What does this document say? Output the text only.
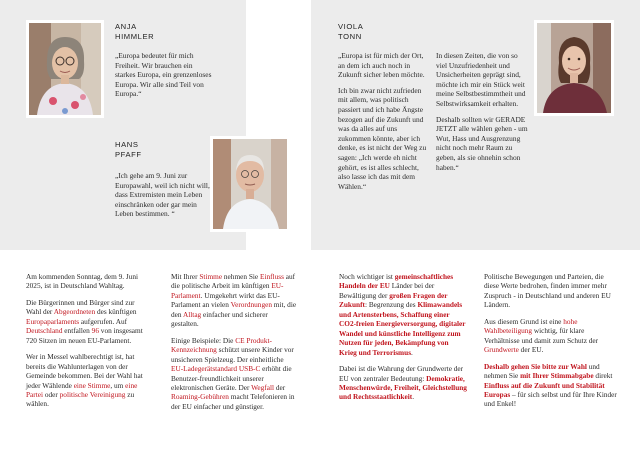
ANJA
HIMMLER
„Europa bedeutet für mich Freiheit. Wir brauchen ein starkes Europa, ein grenzenloses Europa. Wir alle sind Teil von Europa.“
HANS
PFAFF
„Ich gehe am 9. Juni zur Europawahl, weil ich nicht will, dass Extremisten mein Leben einschränken oder gar mein Leben bestimmen. “
VIOLA
TONN

„Europa ist für mich der Ort, an dem ich auch noch in Zukunft sicher leben möchte.

Ich bin zwar nicht zufrieden mit allem, was politisch passiert und ich habe Ängste bezogen auf die Zukunft und was da alles auf uns zukommen könnte, aber ich denke, es ist nicht der Weg zu sagen: „Ich werde eh nicht gehört, es ist alles schlecht, also lasse ich das mit dem Wählen.“

In diesen Zeiten, die von so viel Unzufriedenheit und Unsicherheiten geprägt sind, möchte ich mir ein Stück weit meine Selbstbestimmtheit und Selbstwirksamkeit erhalten.

Deshalb sollten wir GERADE JETZT alle wählen gehen - um Wut, Hass und Ausgrenzung nicht noch mehr Raum zu geben, als sie ohnehin schon haben.“

Am kommenden Sonntag, dem 9. Juni 2025, ist in Deutschland Wahltag.

Die Bürgerinnen und Bürger sind zur Wahl der Abgeordneten des künftigen Europaparlaments aufgerufen. Auf Deutschland entfallen 96 von insgesamt 720 Sitzen im neuen EU-Parlament.

Wer in Messel wahlberechtigt ist, hat bereits die Wahlunterlagen von der Gemeinde bekommen. Bei der Wahl hat jeder Wählende eine Stimme, um eine Partei oder politische Vereinigung zu wählen.

Mit Ihrer Stimme nehmen Sie Einfluss auf die politische Arbeit im künftigen EU-Parlament. Umgekehrt wirkt das EU-Parlament an vielen Verordnungen mit, die den Alltag einfacher und sicherer gestalten.

Einige Beispiele: Die CE Produkt-Kennzeichnung schützt unsere Kinder vor unsicheren Spielzeug. Der einheitliche EU-Ladegerätstandard USB-C erhöht die Benutzer-freundlichkeit unserer elektronischen Geräte. Der Wegfall der Roaming-Gebühren macht Telefonieren in der EU einfacher und günstiger.

Noch wichtiger ist gemeinschaftliches Handeln der EU Länder bei der Bewältigung der großen Fragen der Zukunft: Begrenzung des Klimawandels und Artensterbens, Schaffung einer CO2-freien Energieversorgung, digitaler Wandel und künstliche Intelligenz zum Nutzen für jeden, Bekämpfung von Krieg und Terrorismus.

Dabei ist die Wahrung der Grundwerte der EU von zentraler Bedeutung: Demokratie, Menschenwürde, Freiheit, Gleichstellung und Rechtsstaatlichkeit.

Politische Bewegungen und Parteien, die diese Werte bedrohen, finden immer mehr Zuspruch - in Deutschland und anderen EU Ländern.

Aus diesem Grund ist eine hohe Wahlbeteiligung wichtig, für klare Verhältnisse und damit zum Schutz der Grundwerte der EU.

Deshalb gehen Sie bitte zur Wahl und nehmen Sie mit Ihrer Stimmabgabe direkt Einfluss auf die Zukunft und Stabilität Europas – für sich selbst und für Ihre Kinder und Enkel!
